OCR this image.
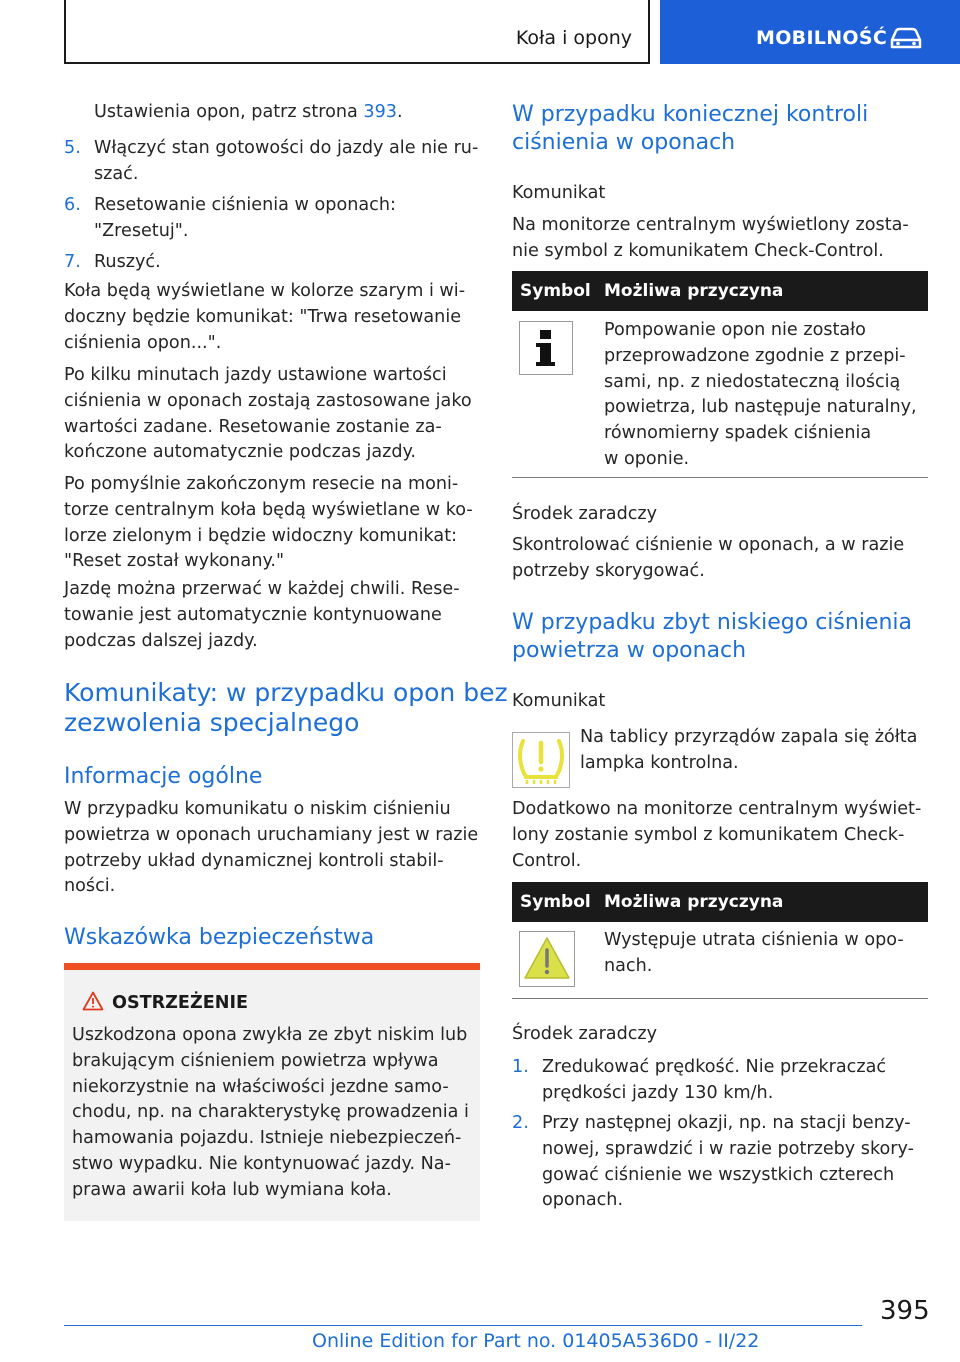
Koła i opony	MOBILNOŚĆ
Ustawienia opon, patrz strona 393.
5. Włączyć stan gotowości do jazdy ale nie ru-

szać.

6. Resetowanie ciśnienia w oponach:

"Zresetuj".

7. Ruszyć.

Koła będą wyświetlane w kolorze szarym i wi-

doczny będzie komunikat: "Trwa resetowanie

ciśnienia opon...".

Po kilku minutach jazdy ustawione wartości

ciśnienia w oponach zostają zastosowane jako

wartości zadane. Resetowanie zostanie za-

kończone automatycznie podczas jazdy.

Po pomyślnie zakończonym resecie na moni-

torze centralnym koła będą wyświetlane w ko-

lorze zielonym i będzie widoczny komunikat:

"Reset został wykonany."

Jazdę można przerwać w każdej chwili. Rese-

towanie jest automatycznie kontynuowane

podczas dalszej jazdy.

Komunikaty: w przypadku opon bez

zezwolenia specjalnego

Informacje ogólne

W przypadku komunikatu o niskim ciśnieniu

powietrza w oponach uruchamiany jest w razie

potrzeby układ dynamicznej kontroli stabil-

ności.

Wskazówka bezpieczeństwa
OSTRZEŻENIE

Uszkodzona opona zwykła ze zbyt niskim lub

brakującym ciśnieniem powietrza wpływa

niekorzystnie na właściwości jezdne samo-

chodu, np. na charakterystykę prowadzenia i

hamowania pojazdu. Istnieje niebezpieczeń-

stwo wypadku. Nie kontynuować jazdy. Na-

prawa awarii koła lub wymiana koła.

W przypadku koniecznej kontroli

ciśnienia w oponach

Komunikat

Na monitorze centralnym wyświetlony zosta-

nie symbol z komunikatem Check-Control.

Symbol Możliwa przyczyna

Pompowanie opon nie zostało

przeprowadzone zgodnie z przepi-

sami, np. z niedostateczną ilością

powietrza, lub następuje naturalny,

równomierny spadek ciśnienia

w oponie.

Środek zaradczy

Skontrolować ciśnienie w oponach, a w razie

potrzeby skorygować.

W przypadku zbyt niskiego ciśnienia

powietrza w oponach

Komunikat

Na tablicy przyrządów zapala się żółta

lampka kontrolna.

Dodatkowo na monitorze centralnym wyświet-

lony zostanie symbol z komunikatem Check-

Control.

Symbol Możliwa przyczyna

Występuje utrata ciśnienia w opo-

nach.

Środek zaradczy
1. Zredukować prędkość. Nie przekraczać

prędkości jazdy 130 km/h.

2. Przy następnej okazji, np. na stacji benzy-

nowej, sprawdzić i w razie potrzeby skory-

gować ciśnienie we wszystkich czterech

oponach.

395
Online Edition for Part no. 01405A536D0 - II/22
